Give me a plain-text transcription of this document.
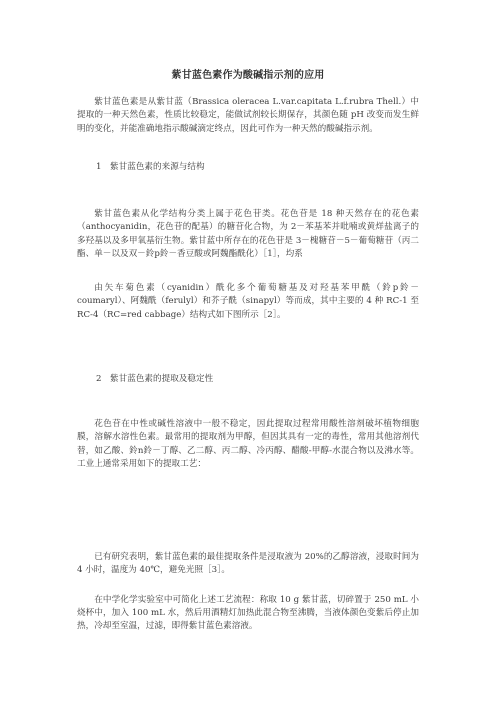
紫甘蓝色素作为酸碱指示剂的应用

紫甘蓝色素是从紫甘蓝（Brassica oleracea L.var.capitata L.f.rubra Thell.）中提取的一种天然色素，性质比较稳定，能做试剂较长期保存，其颜色随 pH 改变而发生鲜明的变化，并能准确地指示酸碱滴定终点，因此可作为一种天然的酸碱指示剂。

1　紫甘蓝色素的来源与结构

紫甘蓝色素从化学结构分类上属于花色苷类。花色苷是 18 种天然存在的花色素（anthocyanidin，花色苷的配基）的糖苷化合物，为 2－苯基苯并吡喃或黄烊盐离子的多羟基以及多甲氧基衍生物。紫甘蓝中所存在的花色苷是 3－槐糖苷－5－葡萄糖苷（丙二酯、单－以及双－鈴p鈴－香豆酸或阿魏酯酰化）［1］，均系

由矢车菊色素（cyanidin）酰化多个葡萄糖基及对羟基苯甲酰（鈴p鈴－coumaryl）、阿魏酰（ferulyl）和芥子酰（sinapyl）等而成，其中主要的 4 种 RC-1 至 RC-4（RC=red cabbage）结构式如下图所示［2］。

2　紫甘蓝色素的提取及稳定性

花色苷在中性或碱性溶液中一般不稳定，因此提取过程常用酸性溶剂破坏植物细胞膜，溶解水溶性色素。最常用的提取剂为甲醇，但因其具有一定的毒性，常用其他溶剂代替，如乙酸、鈴n鈴－丁醇、乙二醇、丙二醇、冷丙醇、醋酸-甲醇-水混合物以及沸水等。工业上通常采用如下的提取工艺：

已有研究表明，紫甘蓝色素的最佳提取条件是浸取液为 20%的乙醇溶液，浸取时间为 4 小时，温度为 40℃，避免光照［3］。

在中学化学实验室中可简化上述工艺流程：称取 10 g 紫甘蓝，切碎置于 250 mL 小烧杯中，加入 100 mL 水，然后用酒精灯加热此混合物至沸腾，当液体颜色变紫后停止加热，冷却至室温，过滤，即得紫甘蓝色素溶液。
